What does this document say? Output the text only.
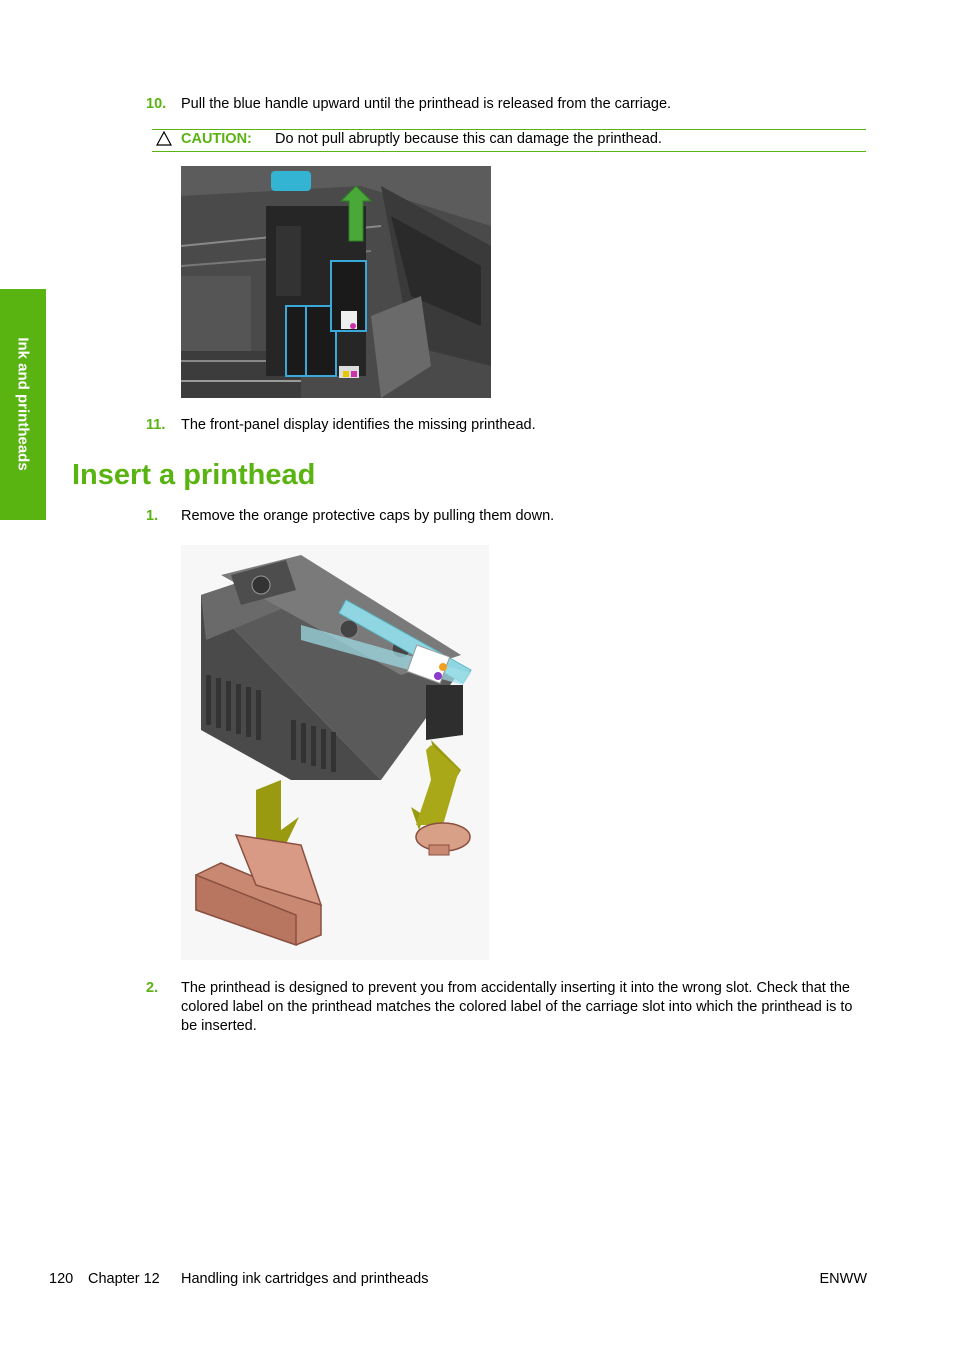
Ink and printheads
10. Pull the blue handle upward until the printhead is released from the carriage.
CAUTION: Do not pull abruptly because this can damage the printhead.
11. The front-panel display identifies the missing printhead.
Insert a printhead
1. Remove the orange protective caps by pulling them down.
2. The printhead is designed to prevent you from accidentally inserting it into the wrong slot. Check that the colored label on the printhead matches the colored label of the carriage slot into which the printhead is to be inserted.
120 Chapter 12 Handling ink cartridges and printheads	ENWW
